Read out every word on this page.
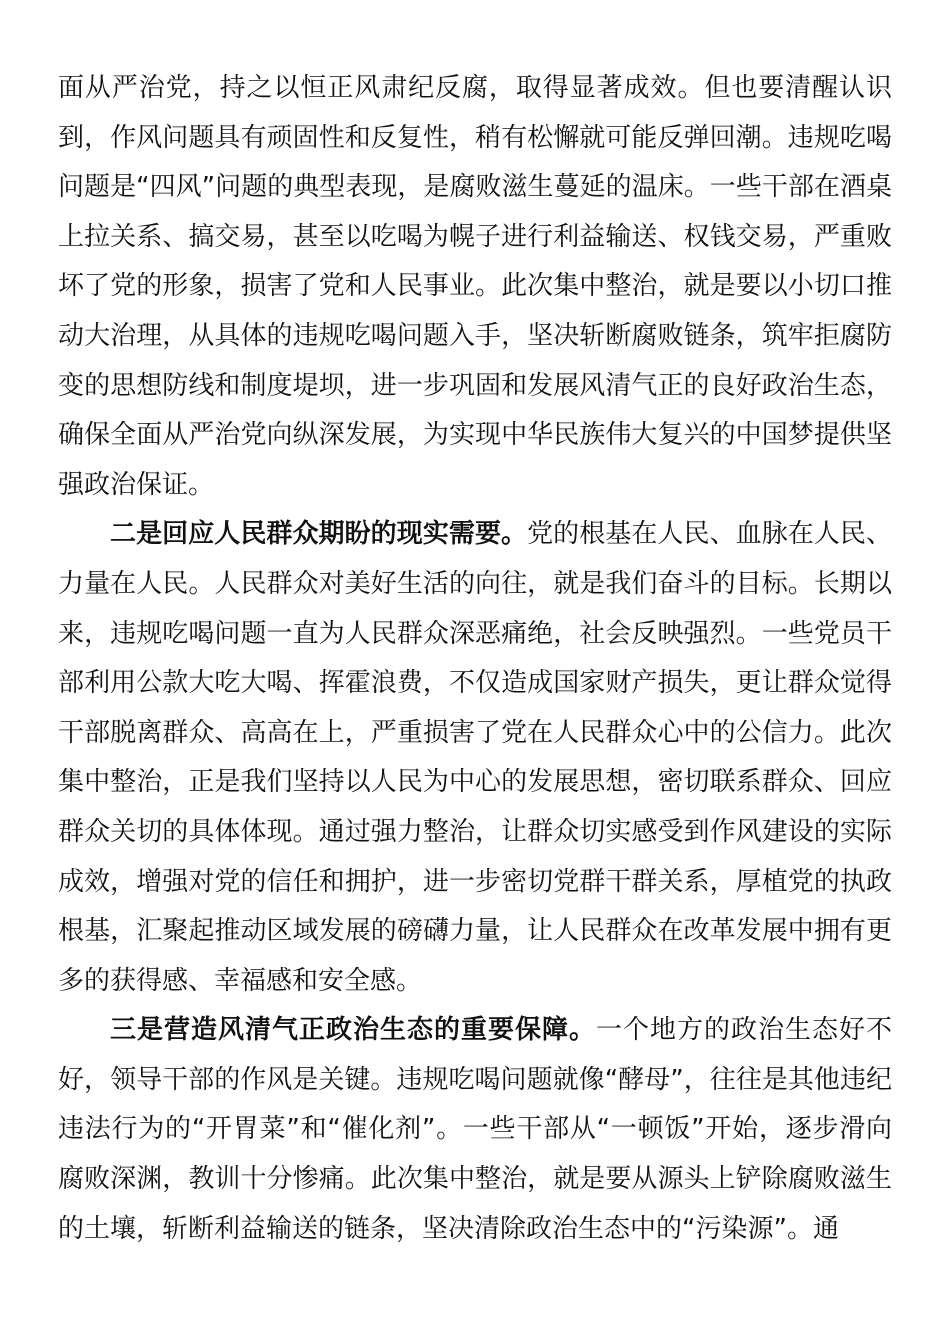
面从严治党，持之以恒正风肃纪反腐，取得显著成效。但也要清醒认识到，作风问题具有顽固性和反复性，稍有松懈就可能反弹回潮。违规吃喝问题是“四风”问题的典型表现，是腐败滋生蔓延的温床。一些干部在酒桌上拉关系、搞交易，甚至以吃喝为幌子进行利益输送、权钱交易，严重败坏了党的形象，损害了党和人民事业。此次集中整治，就是要以小切口推动大治理，从具体的违规吃喝问题入手，坚决斩断腐败链条，筑牢拒腐防变的思想防线和制度堤坝，进一步巩固和发展风清气正的良好政治生态，确保全面从严治党向纵深发展，为实现中华民族伟大复兴的中国梦提供坚强政治保证。

二是回应人民群众期盼的现实需要。党的根基在人民、血脉在人民、力量在人民。人民群众对美好生活的向往，就是我们奋斗的目标。长期以来，违规吃喝问题一直为人民群众深恶痛绝，社会反映强烈。一些党员干部利用公款大吃大喝、挥霍浪费，不仅造成国家财产损失，更让群众觉得干部脱离群众、高高在上，严重损害了党在人民群众心中的公信力。此次集中整治，正是我们坚持以人民为中心的发展思想，密切联系群众、回应群众关切的具体体现。通过强力整治，让群众切实感受到作风建设的实际成效，增强对党的信任和拥护，进一步密切党群干群关系，厚植党的执政根基，汇聚起推动区域发展的磅礴力量，让人民群众在改革发展中拥有更多的获得感、幸福感和安全感。

三是营造风清气正政治生态的重要保障。一个地方的政治生态好不好，领导干部的作风是关键。违规吃喝问题就像“酵母”，往往是其他违纪违法行为的“开胃菜”和“催化剂”。一些干部从“一顿饭”开始，逐步滑向腐败深渊，教训十分惨痛。此次集中整治，就是要从源头上铲除腐败滋生的土壤，斩断利益输送的链条，坚决清除政治生态中的“污染源”。通
